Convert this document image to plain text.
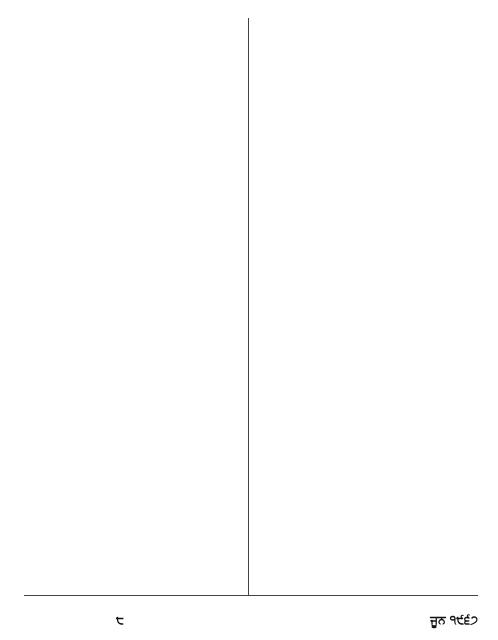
੮	ਜੂਨ ੧੯੬੭
